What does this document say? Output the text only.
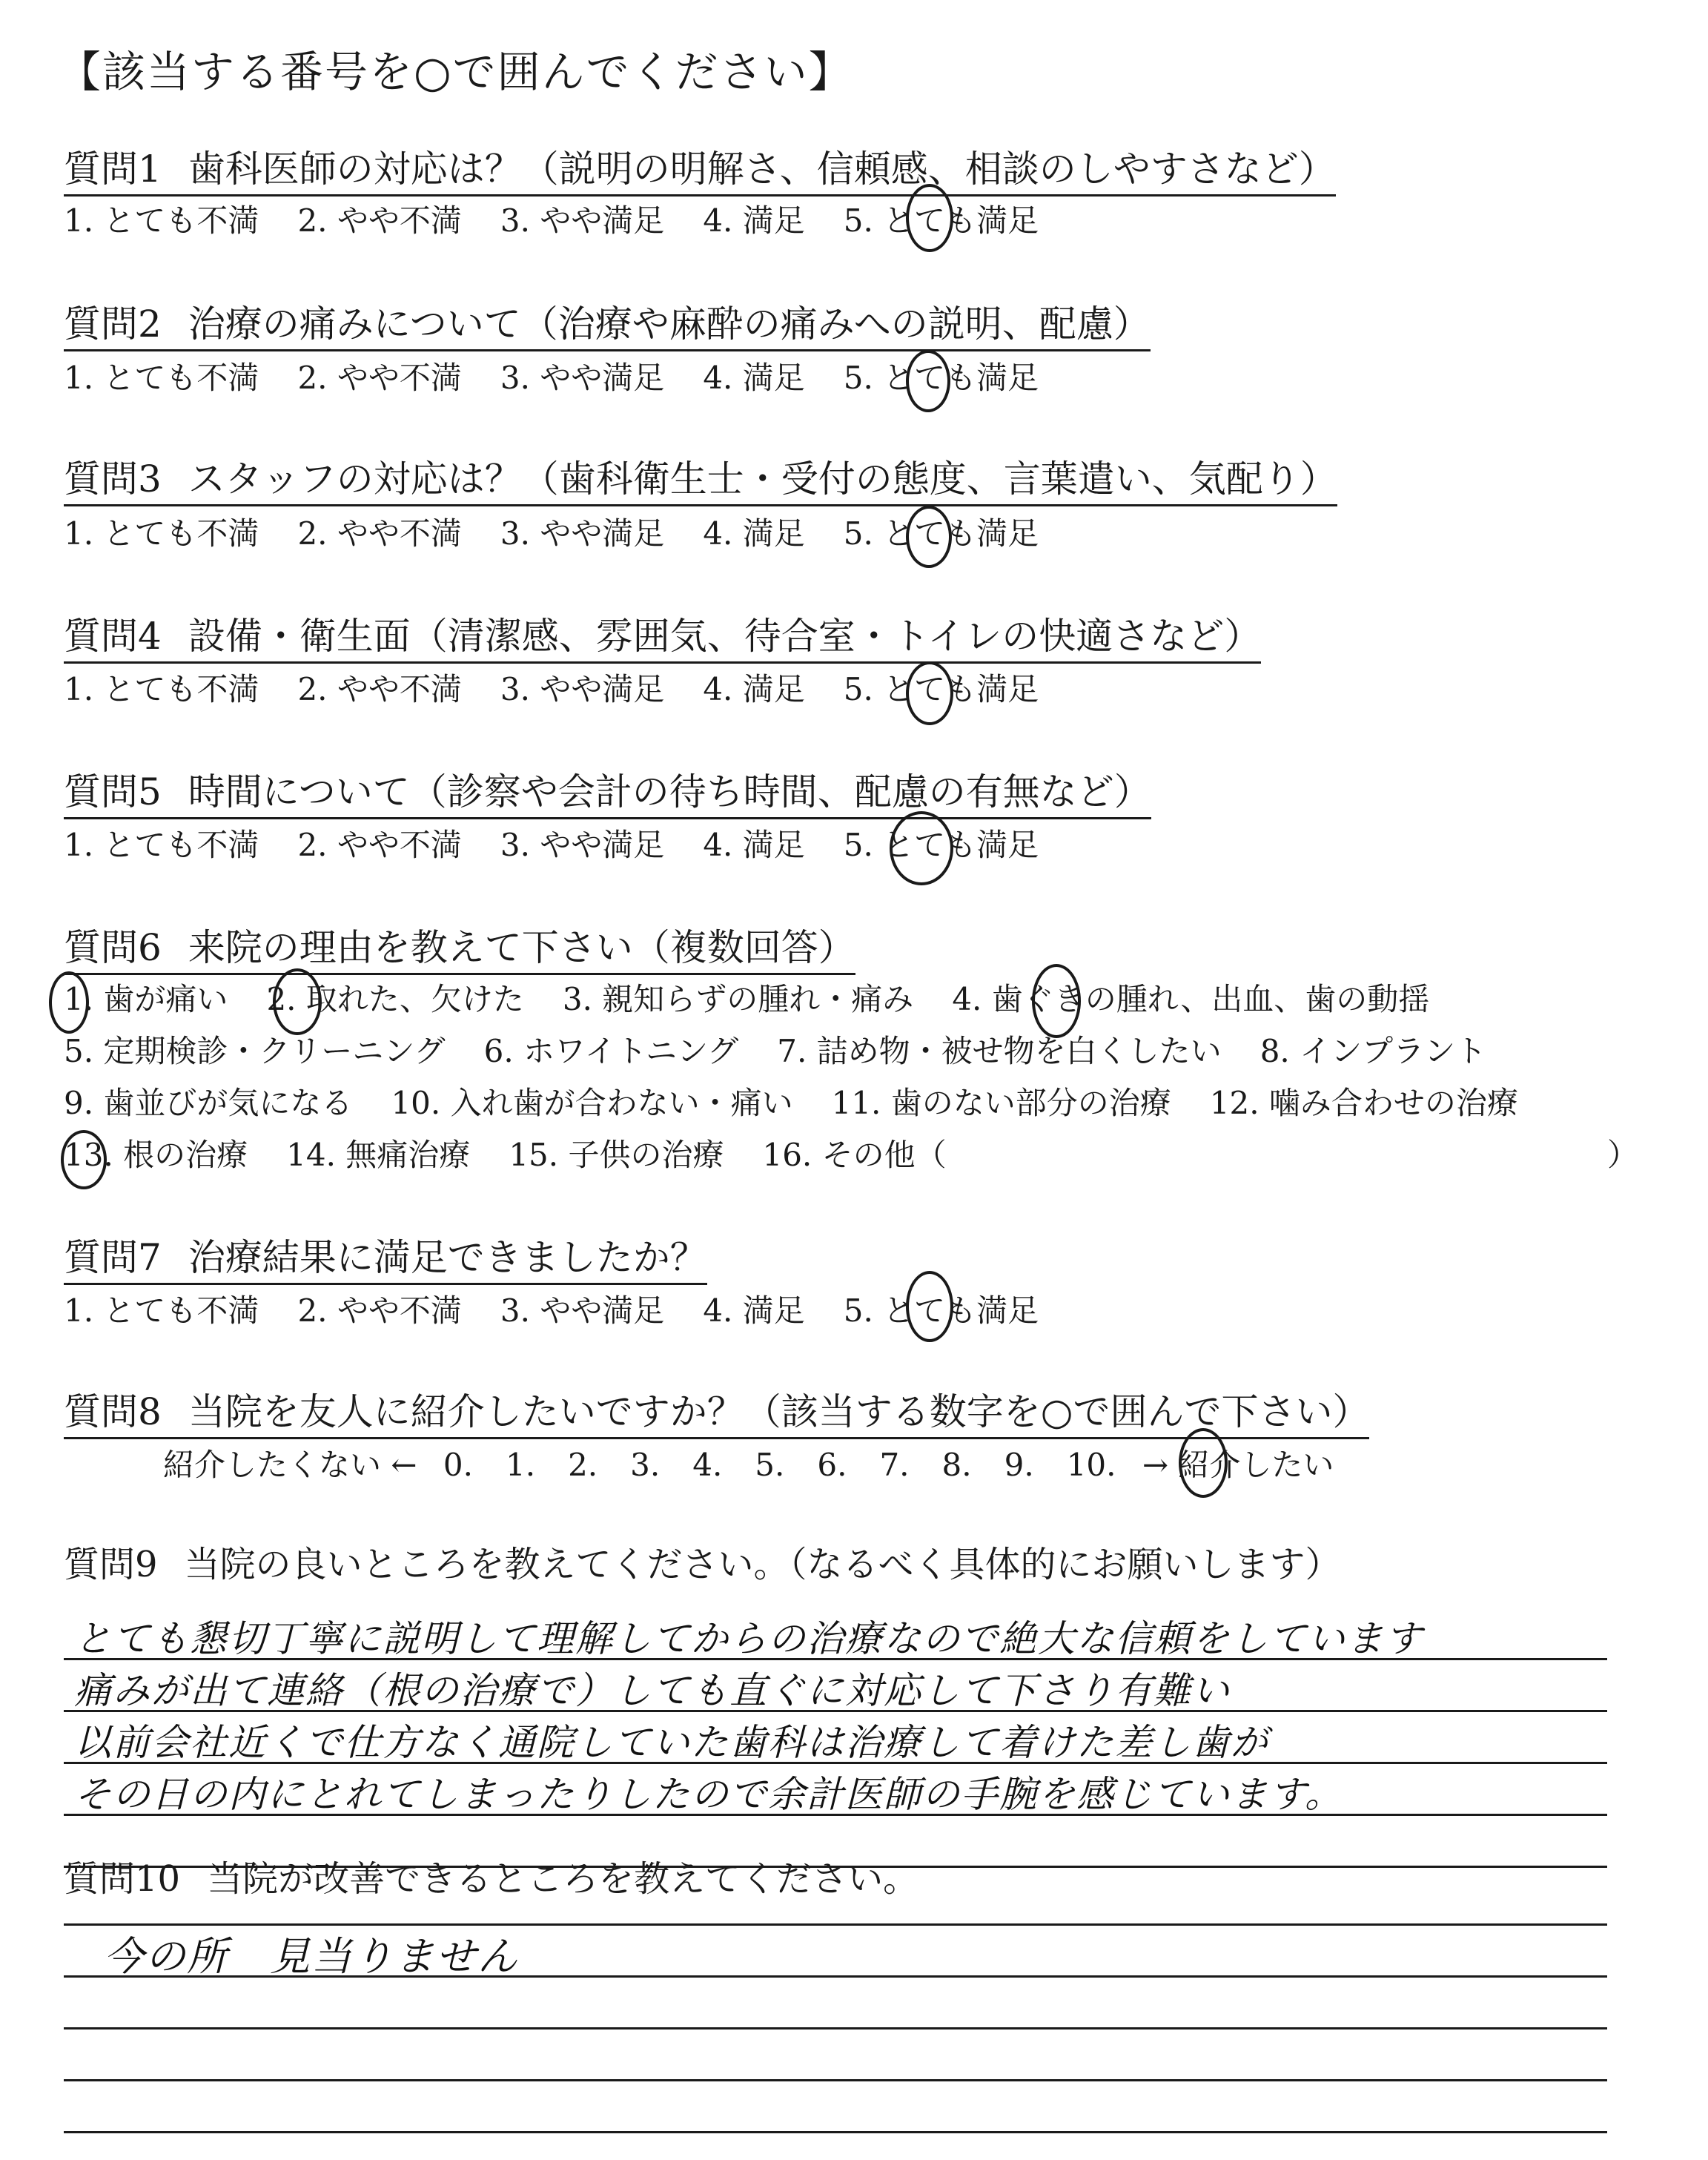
【該当する番号を○で囲んでください】
質問1 歯科医師の対応は？（説明の明解さ、信頼感、相談のしやすさなど）
1. とても不満 2. やや不満 3. やや満足 4. 満足 5. とても満足
質問2 治療の痛みについて（治療や麻酔の痛みへの説明、配慮）
1. とても不満 2. やや不満 3. やや満足 4. 満足 5. とても満足
質問3 スタッフの対応は？（歯科衛生士・受付の態度、言葉遣い、気配り）
1. とても不満 2. やや不満 3. やや満足 4. 満足 5. とても満足
質問4 設備・衛生面（清潔感、雰囲気、待合室・トイレの快適さなど）
1. とても不満 2. やや不満 3. やや満足 4. 満足 5. とても満足
質問5 時間について（診察や会計の待ち時間、配慮の有無など）
1. とても不満 2. やや不満 3. やや満足 4. 満足 5. とても満足
質問6 来院の理由を教えて下さい（複数回答）
1. 歯が痛い 2. 取れた、欠けた 3. 親知らずの腫れ・痛み 4. 歯ぐきの腫れ、出血、歯の動揺
5. 定期検診・クリーニング 6. ホワイトニング 7. 詰め物・被せ物を白くしたい 8. インプラント
9. 歯並びが気になる 10. 入れ歯が合わない・痛い 11. 歯のない部分の治療 12. 噛み合わせの治療
13. 根の治療 14. 無痛治療 15. 子供の治療 16. その他（	）
質問7 治療結果に満足できましたか？
1. とても不満 2. やや不満 3. やや満足 4. 満足 5. とても満足
質問8 当院を友人に紹介したいですか？（該当する数字を○で囲んで下さい）
紹介したくない ← 0. 1. 2. 3. 4. 5. 6. 7. 8. 9. 10. → 紹介したい
質問9 当院の良いところを教えてください。（なるべく具体的にお願いします）
とても懇切丁寧に説明して理解してからの治療なので絶大な信頼をしています
痛みが出て連絡（根の治療で）しても直ぐに対応して下さり有難い
以前会社近くで仕方なく通院していた歯科は治療して着けた差し歯が
その日の内にとれてしまったりしたので余計医師の手腕を感じています。
質問10 当院が改善できるところを教えてください。
今の所　見当りません
